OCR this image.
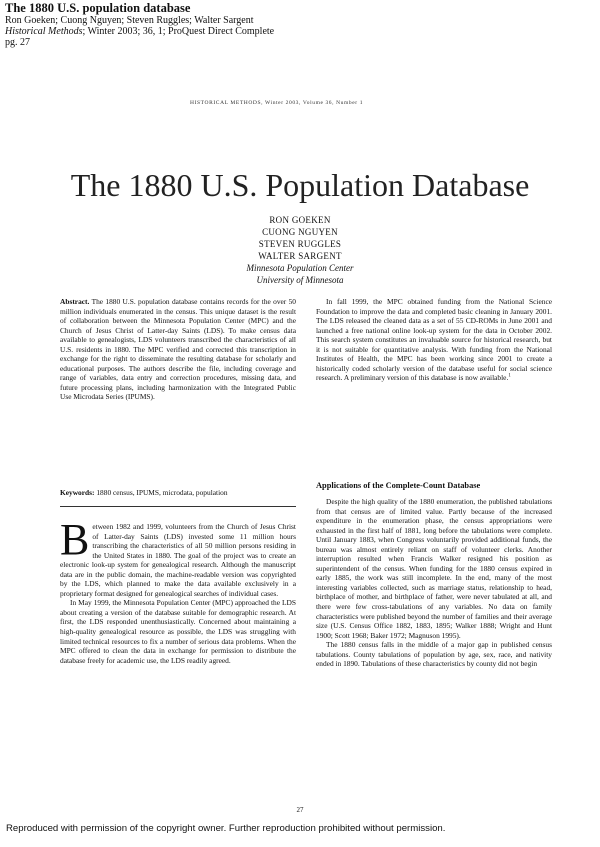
The 1880 U.S. population database
Ron Goeken; Cuong Nguyen; Steven Ruggles; Walter Sargent
Historical Methods; Winter 2003; 36, 1; ProQuest Direct Complete
pg. 27
HISTORICAL METHODS, Winter 2003, Volume 36, Number 1
The 1880 U.S. Population Database
RON GOEKEN
CUONG NGUYEN
STEVEN RUGGLES
WALTER SARGENT
Minnesota Population Center
University of Minnesota

Abstract. The 1880 U.S. population database contains records for the over 50 million individuals enumerated in the census. This unique dataset is the result of collaboration between the Minnesota Population Center (MPC) and the Church of Jesus Christ of Latter-day Saints (LDS). To make census data available to genealogists, LDS volunteers transcribed the characteristics of all U.S. residents in 1880. The MPC verified and corrected this transcription in exchange for the right to disseminate the resulting database for scholarly and educational purposes. The authors describe the file, including coverage and range of variables, data entry and correction procedures, missing data, and future processing plans, including harmonization with the Integrated Public Use Microdata Series (IPUMS).

Keywords: 1880 census, IPUMS, microdata, population

Between 1982 and 1999, volunteers from the Church of Jesus Christ of Latter-day Saints (LDS) invested some 11 million hours transcribing the characteristics of all 50 million persons residing in the United States in 1880. The goal of the project was to create an electronic look-up system for genealogical research. Although the manuscript data are in the public domain, the machine-readable version was copyrighted by the LDS, which planned to make the data available exclusively in a proprietary format designed for genealogical searches of individual cases.

In May 1999, the Minnesota Population Center (MPC) approached the LDS about creating a version of the database suitable for demographic research. At first, the LDS responded unenthusiastically. Concerned about maintaining a high-quality genealogical resource as possible, the LDS was struggling with limited technical resources to fix a number of serious data problems. When the MPC offered to clean the data in exchange for permission to distribute the database freely for academic use, the LDS readily agreed.

In fall 1999, the MPC obtained funding from the National Science Foundation to improve the data and completed basic cleaning in January 2001. The LDS released the cleaned data as a set of 55 CD-ROMs in June 2001 and launched a free national online look-up system for the data in October 2002. This search system constitutes an invaluable source for historical research, but it is not suitable for quantitative analysis. With funding from the National Institutes of Health, the MPC has been working since 2001 to create a historically coded scholarly version of the database useful for social science research. A preliminary version of this database is now available.$^1$

Applications of the Complete-Count Database

Despite the high quality of the 1880 enumeration, the published tabulations from that census are of limited value. Partly because of the increased expenditure in the enumeration phase, the census appropriations were exhausted in the first half of 1881, long before the tabulations were complete. Until January 1883, when Congress voluntarily provided additional funds, the bureau was almost entirely reliant on staff of volunteer clerks. Another interruption resulted when Francis Walker resigned his position as superintendent of the census. When funding for the 1880 census expired in early 1885, the work was still incomplete. In the end, many of the most interesting variables collected, such as marriage status, relationship to head, birthplace of mother, and birthplace of father, were never tabulated at all, and there were few cross-tabulations of any variables. No data on family characteristics were published beyond the number of families and their average size (U.S. Census Office 1882, 1883, 1895; Walker 1888; Wright and Hunt 1900; Scott 1968; Baker 1972; Magnuson 1995).

The 1880 census falls in the middle of a major gap in published census tabulations. County tabulations of population by age, sex, race, and nativity ended in 1890. Tabulations of these characteristics by county did not begin

27
Reproduced with permission of the copyright owner. Further reproduction prohibited without permission.
